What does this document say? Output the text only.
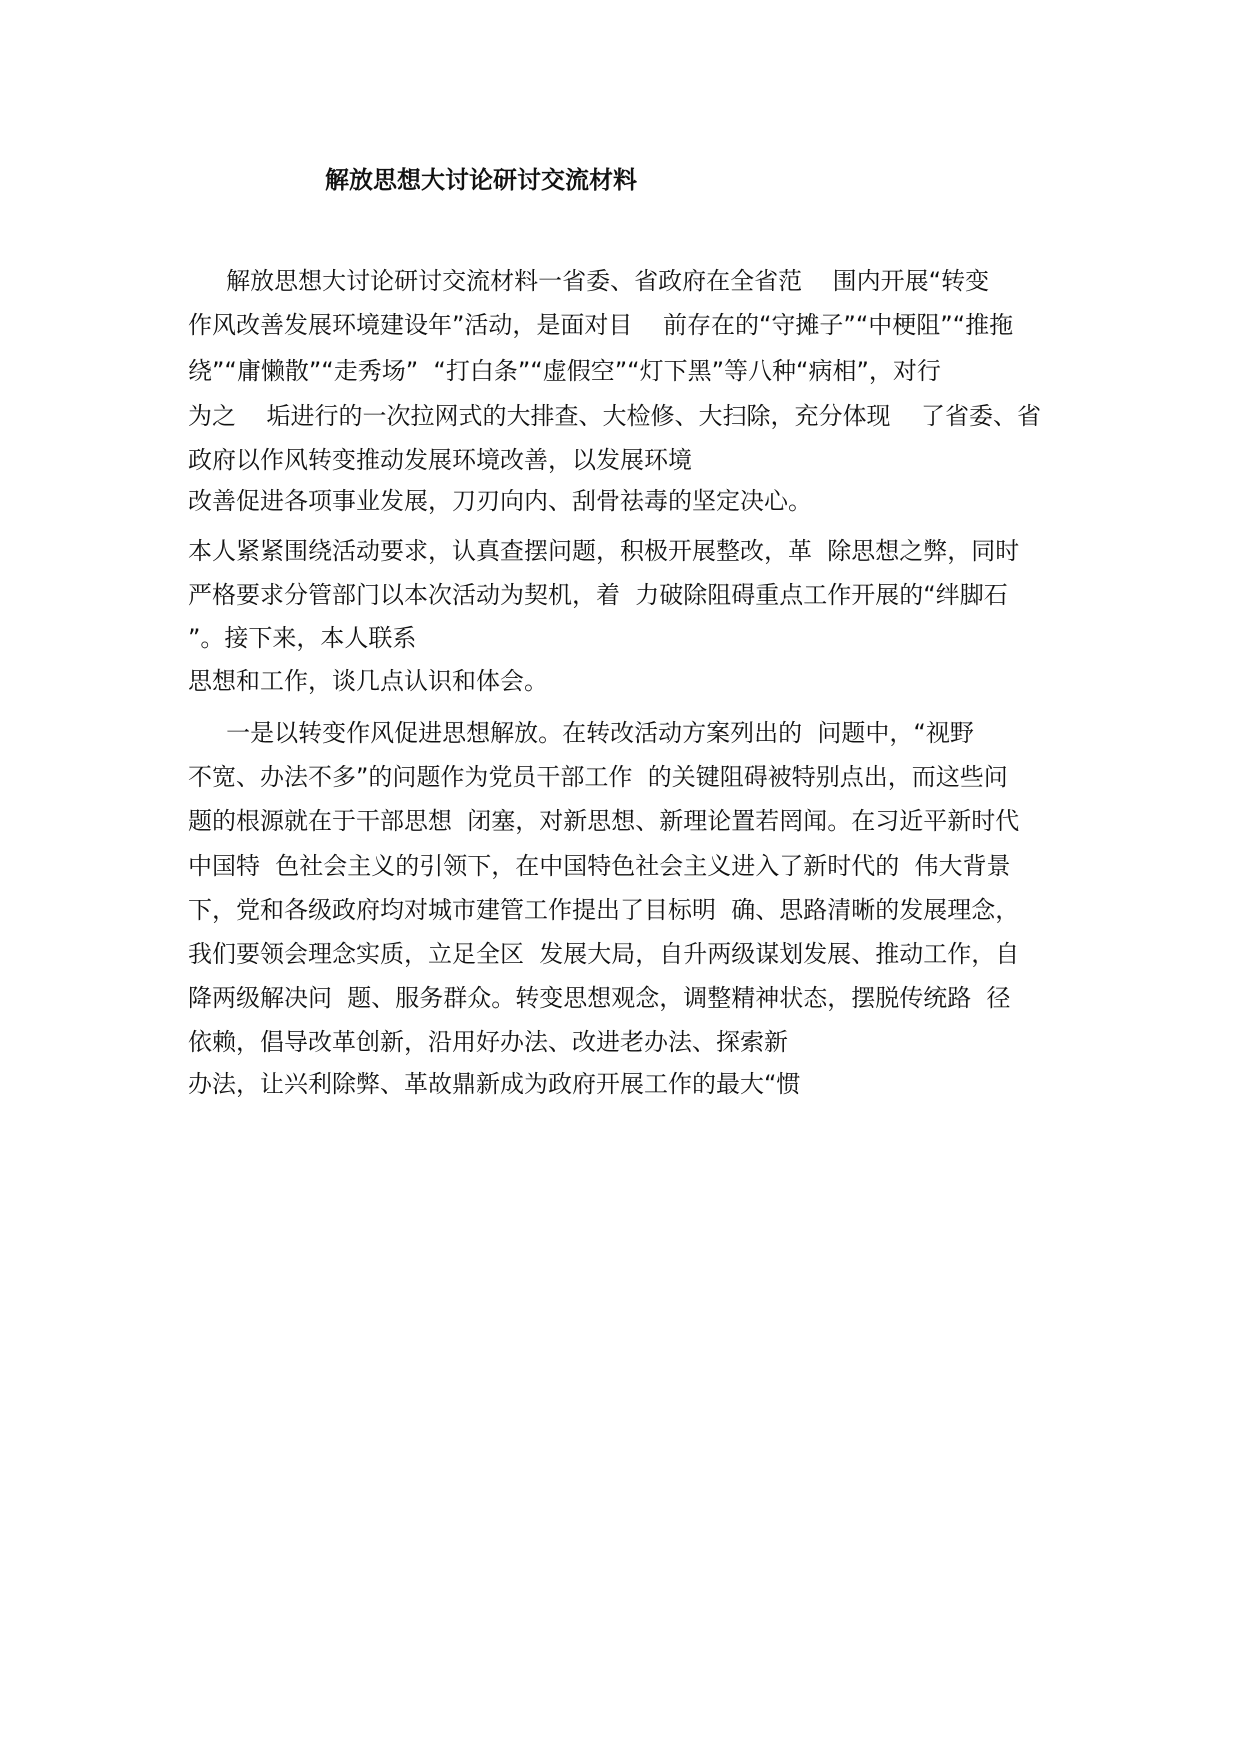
解放思想大讨论研讨交流材料
解放思想大讨论研讨交流材料一省委、省政府在全省范    围内开展“转变
作风改善发展环境建设年”活动，是面对目    前存在的“守摊子”“中梗阻”“推拖
绕”“庸懒散”“走秀场”  “打白条”“虚假空”“灯下黑”等八种“病相”，对行
为之    垢进行的一次拉网式的大排查、大检修、大扫除，充分体现    了省委、省
政府以作风转变推动发展环境改善，以发展环境
改善促进各项事业发展，刀刃向内、刮骨祛毒的坚定决心。
本人紧紧围绕活动要求，认真查摆问题，积极开展整改，革  除思想之弊，同时
严格要求分管部门以本次活动为契机，着  力破除阻碍重点工作开展的“绊脚石
”。接下来，本人联系
思想和工作，谈几点认识和体会。
一是以转变作风促进思想解放。在转改活动方案列出的  问题中，“视野
不宽、办法不多”的问题作为党员干部工作  的关键阻碍被特别点出，而这些问
题的根源就在于干部思想  闭塞，对新思想、新理论置若罔闻。在习近平新时代
中国特  色社会主义的引领下，在中国特色社会主义进入了新时代的  伟大背景
下，党和各级政府均对城市建管工作提出了目标明  确、思路清晰的发展理念，
我们要领会理念实质，立足全区  发展大局，自升两级谋划发展、推动工作，自
降两级解决问  题、服务群众。转变思想观念，调整精神状态，摆脱传统路  径
依赖，倡导改革创新，沿用好办法、改进老办法、探索新
办法，让兴利除弊、革故鼎新成为政府开展工作的最大“惯
